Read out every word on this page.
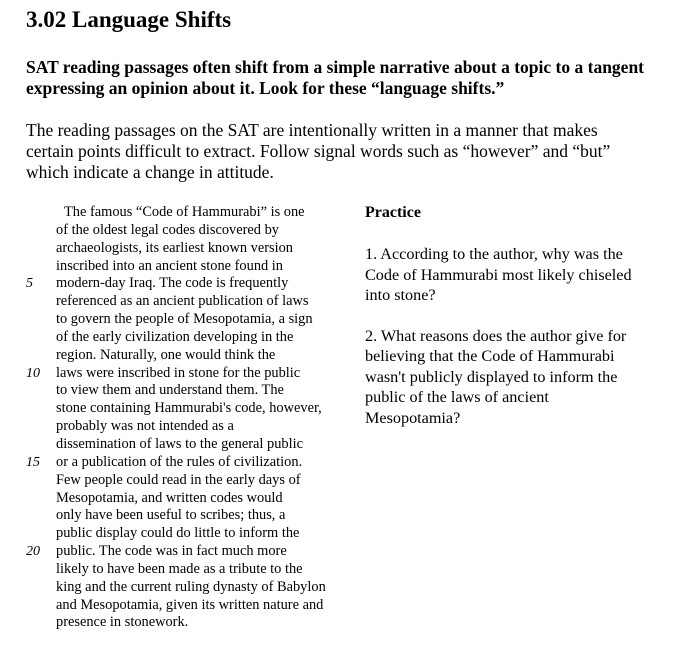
3.02 Language Shifts

SAT reading passages often shift from a simple narrative about a topic to a tangent
expressing an opinion about it. Look for these “language shifts.”

The reading passages on the SAT are intentionally written in a manner that makes
certain points difficult to extract. Follow signal words such as “however” and “but”
which indicate a change in attitude.

The famous “Code of Hammurabi” is one
of the oldest legal codes discovered by
archaeologists, its earliest known version
inscribed into an ancient stone found in
5 modern-day Iraq. The code is frequently
referenced as an ancient publication of laws
to govern the people of Mesopotamia, a sign
of the early civilization developing in the
region. Naturally, one would think the
10 laws were inscribed in stone for the public
to view them and understand them. The
stone containing Hammurabi's code, however,
probably was not intended as a
dissemination of laws to the general public
15 or a publication of the rules of civilization.
Few people could read in the early days of
Mesopotamia, and written codes would
only have been useful to scribes; thus, a
public display could do little to inform the
20 public. The code was in fact much more
likely to have been made as a tribute to the
king and the current ruling dynasty of Babylon
and Mesopotamia, given its written nature and
presence in stonework.
Practice
1. According to the author, why was the
Code of Hammurabi most likely chiseled
into stone?
2. What reasons does the author give for
believing that the Code of Hammurabi
wasn't publicly displayed to inform the
public of the laws of ancient
Mesopotamia?
